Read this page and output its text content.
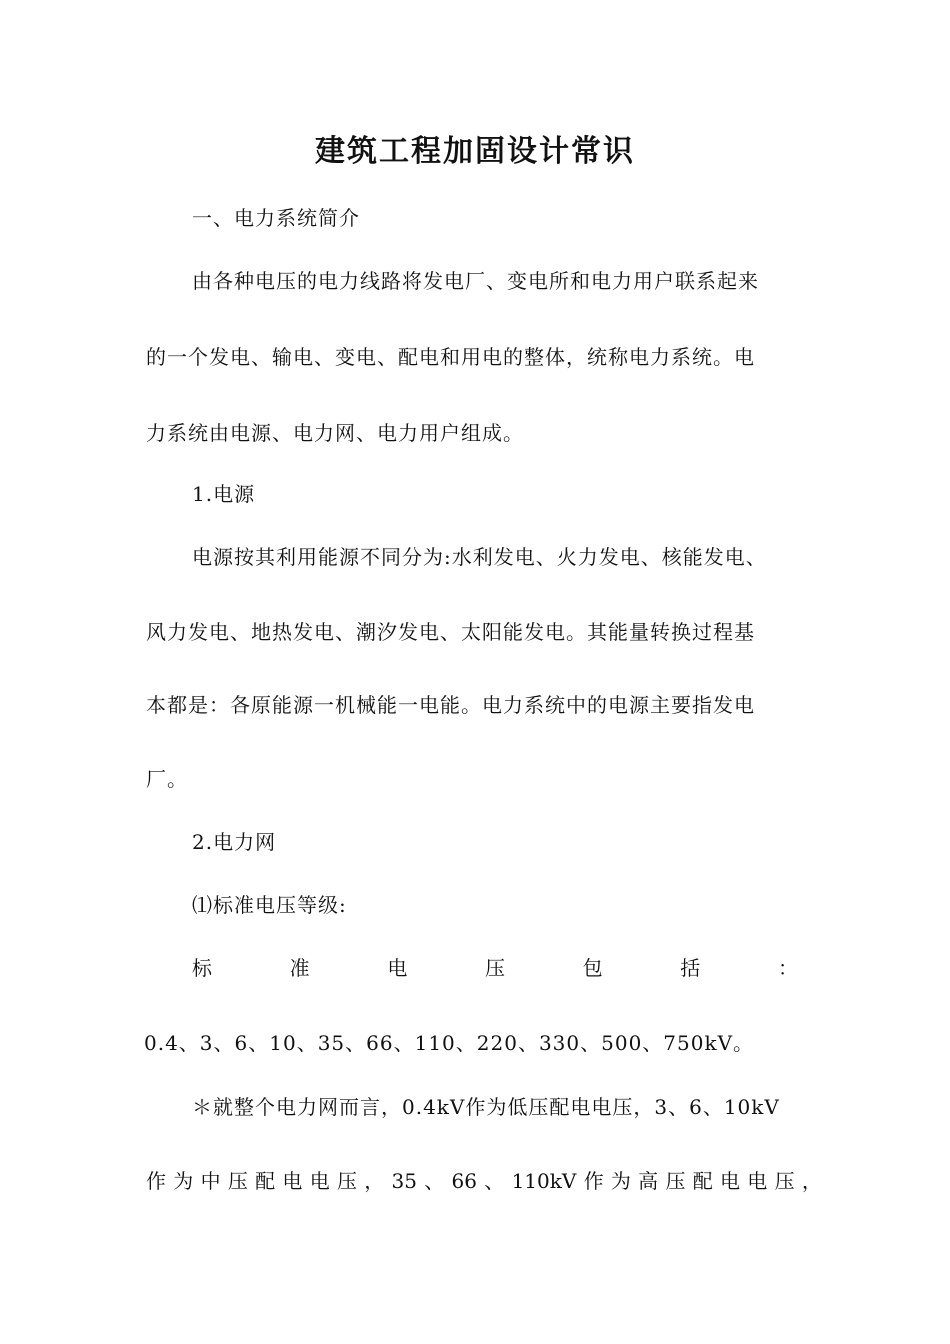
建筑工程加固设计常识
一、电力系统简介
由各种电压的电力线路将发电厂、变电所和电力用户联系起来
的一个发电、输电、变电、配电和用电的整体，统称电力系统。电
力系统由电源、电力网、电力用户组成。
1.电源
电源按其利用能源不同分为:水利发电、火力发电、核能发电、
风力发电、地热发电、潮汐发电、太阳能发电。其能量转换过程基
本都是：各原能源一机械能一电能。电力系统中的电源主要指发电
厂。
2.电力网
⑴标准电压等级:
标	准	电	压	包	括	：
0.4、3、6、10、35、66、110、220、330、500、750kV。
＊就整个电力网而言，0.4kV作为低压配电电压，3、6、10kV
作 为 中 压 配 电 电 压 ， 35 、 66 、 110kV 作 为 高 压 配 电 电 压 ，
